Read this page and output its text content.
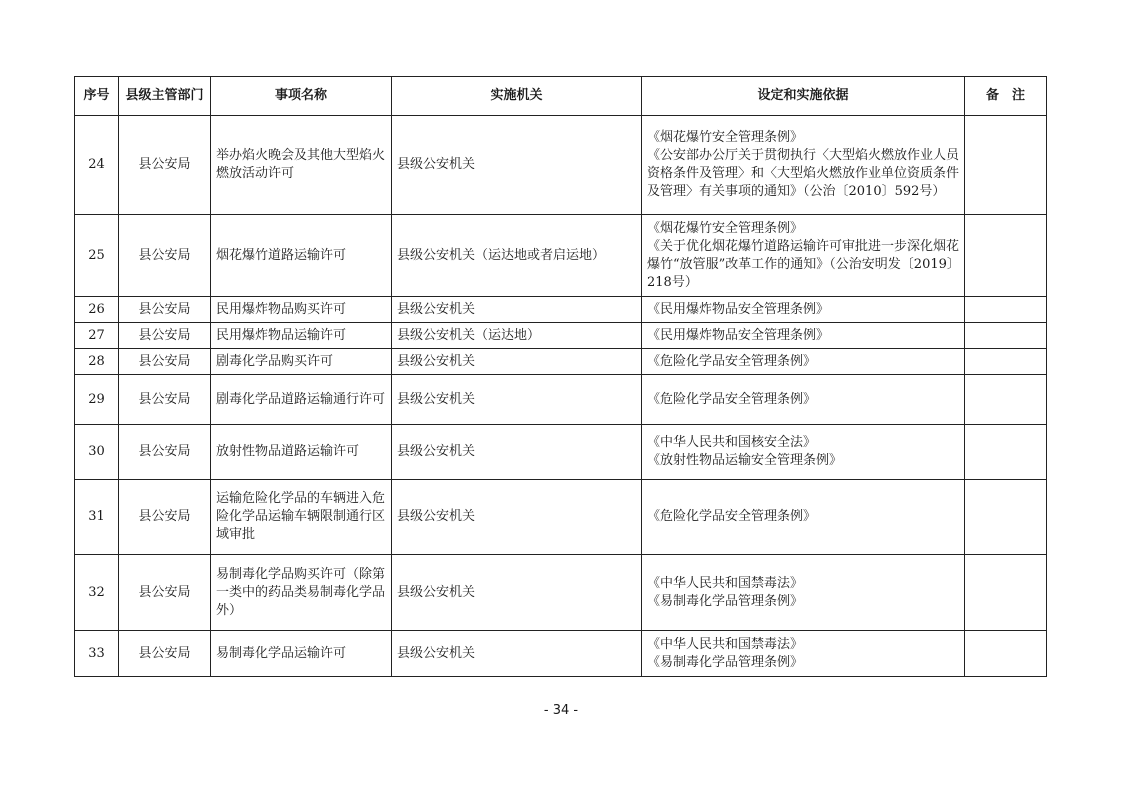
序号	县级主管部门	事项名称	实施机关	设定和实施依据	备　注
24	县公安局	举办焰火晚会及其他大型焰火燃放活动许可	县级公安机关	《烟花爆竹安全管理条例》
《公安部办公厅关于贯彻执行〈大型焰火燃放作业人员资格条件及管理〉和〈大型焰火燃放作业单位资质条件及管理〉有关事项的通知》（公治〔2010〕592号）	

25	县公安局	烟花爆竹道路运输许可	县级公安机关（运达地或者启运地）	《烟花爆竹安全管理条例》
《关于优化烟花爆竹道路运输许可审批进一步深化烟花爆竹“放管服”改革工作的通知》（公治安明发〔2019〕218号）	

26	县公安局	民用爆炸物品购买许可	县级公安机关	《民用爆炸物品安全管理条例》	

27	县公安局	民用爆炸物品运输许可	县级公安机关（运达地）	《民用爆炸物品安全管理条例》	

28	县公安局	剧毒化学品购买许可	县级公安机关	《危险化学品安全管理条例》	

29	县公安局	剧毒化学品道路运输通行许可	县级公安机关	《危险化学品安全管理条例》	

30	县公安局	放射性物品道路运输许可	县级公安机关	《中华人民共和国核安全法》
《放射性物品运输安全管理条例》	

31	县公安局	运输危险化学品的车辆进入危险化学品运输车辆限制通行区域审批	县级公安机关	《危险化学品安全管理条例》	

32	县公安局	易制毒化学品购买许可（除第一类中的药品类易制毒化学品外）	县级公安机关	《中华人民共和国禁毒法》
《易制毒化学品管理条例》	

33	县公安局	易制毒化学品运输许可	县级公安机关	《中华人民共和国禁毒法》
《易制毒化学品管理条例》	

- 34 -
